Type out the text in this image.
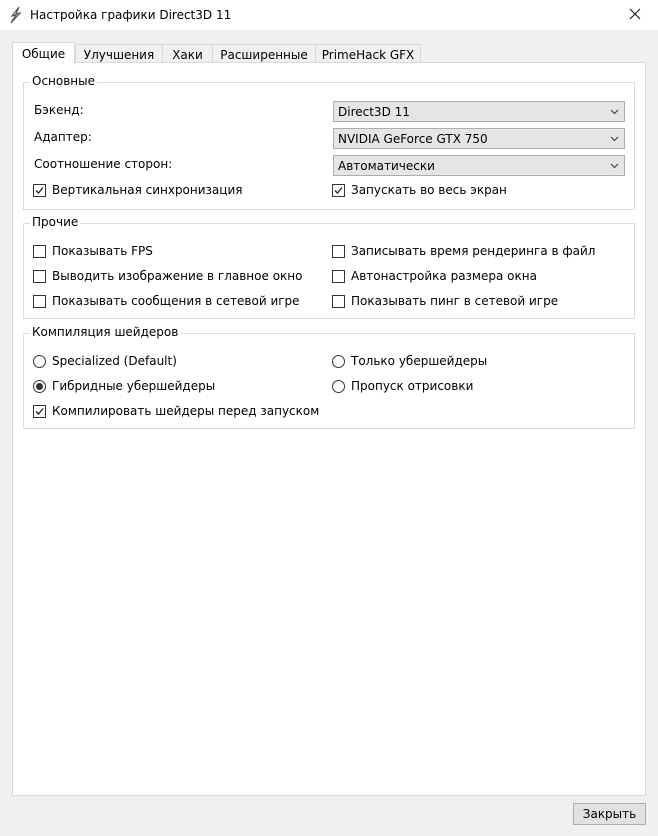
Настройка графики Direct3D 11
Общие	Улучшения	Хаки	Расширенные	PrimeHack GFX
Основные
Бэкенд:	Direct3D 11
Адаптер:	NVIDIA GeForce GTX 750
Соотношение сторон:	Автоматически
Вертикальная синхронизация	Запускать во весь экран
Прочие
Показывать FPS	Записывать время рендеринга в файл
Выводить изображение в главное окно	Автонастройка размера окна
Показывать сообщения в сетевой игре	Показывать пинг в сетевой игре
Компиляция шейдеров
Specialized (Default)	Только убершейдеры
Гибридные убершейдеры	Пропуск отрисовки
Компилировать шейдеры перед запуском
Закрыть
